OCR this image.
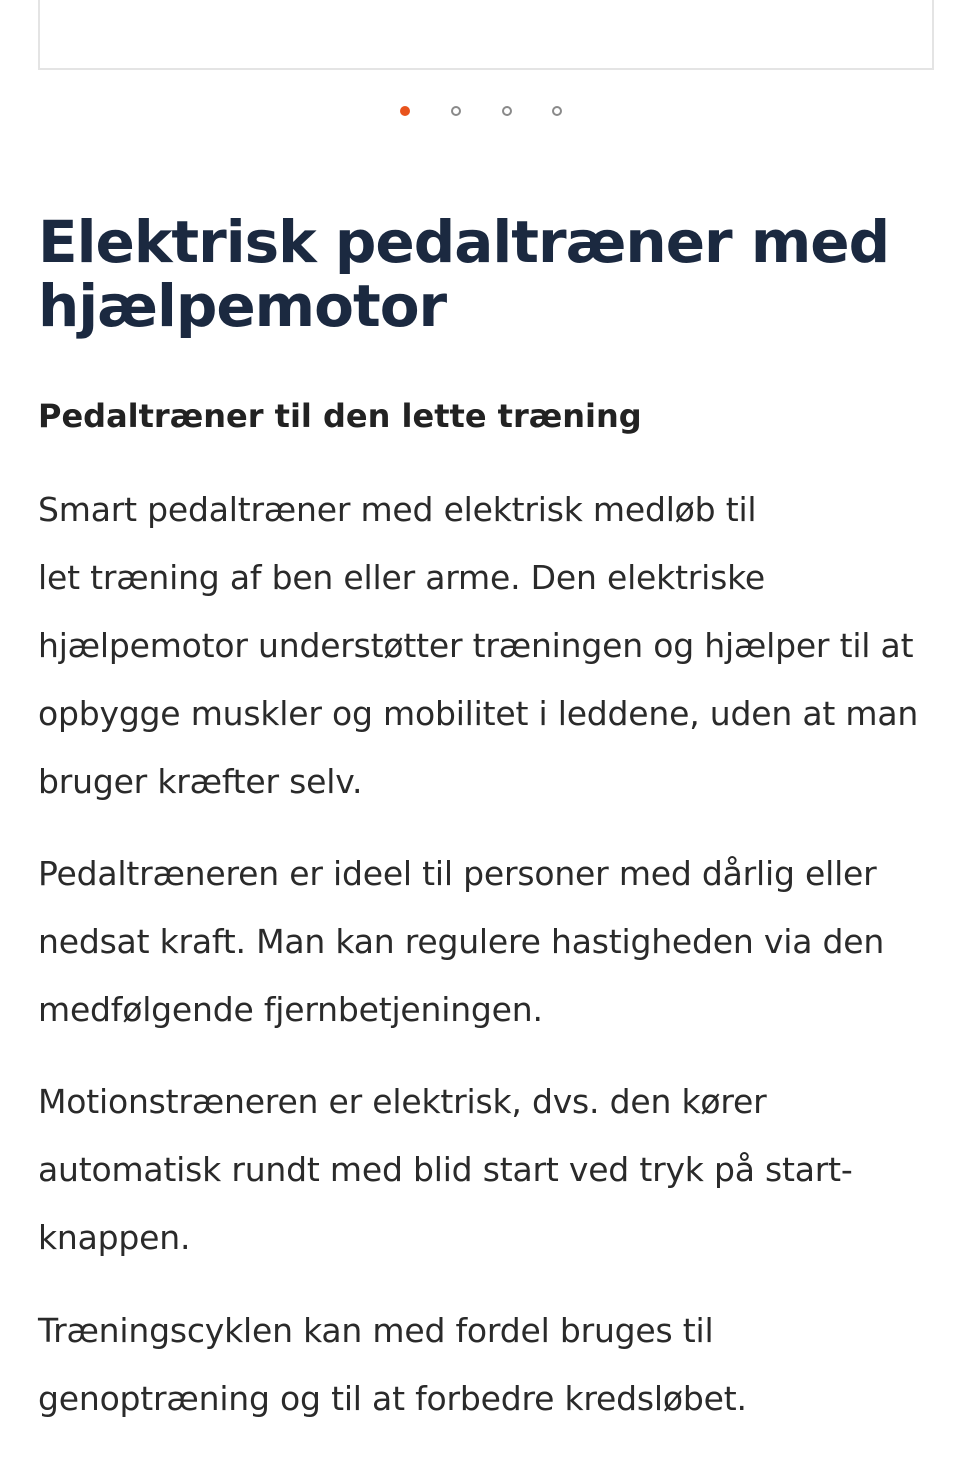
Elektrisk pedaltræner med hjælpemotor
Pedaltræner til den lette træning

Smart pedaltræner med elektrisk medløb til
let træning af ben eller arme. Den elektriske
hjælpemotor understøtter træningen og hjælper til at
opbygge muskler og mobilitet i leddene, uden at man
bruger kræfter selv.

Pedaltræneren er ideel til personer med dårlig eller
nedsat kraft. Man kan regulere hastigheden via den
medfølgende fjernbetjeningen.

Motionstræneren er elektrisk, dvs. den kører
automatisk rundt med blid start ved tryk på start-
knappen.

Træningscyklen kan med fordel bruges til
genoptræning og til at forbedre kredsløbet.
